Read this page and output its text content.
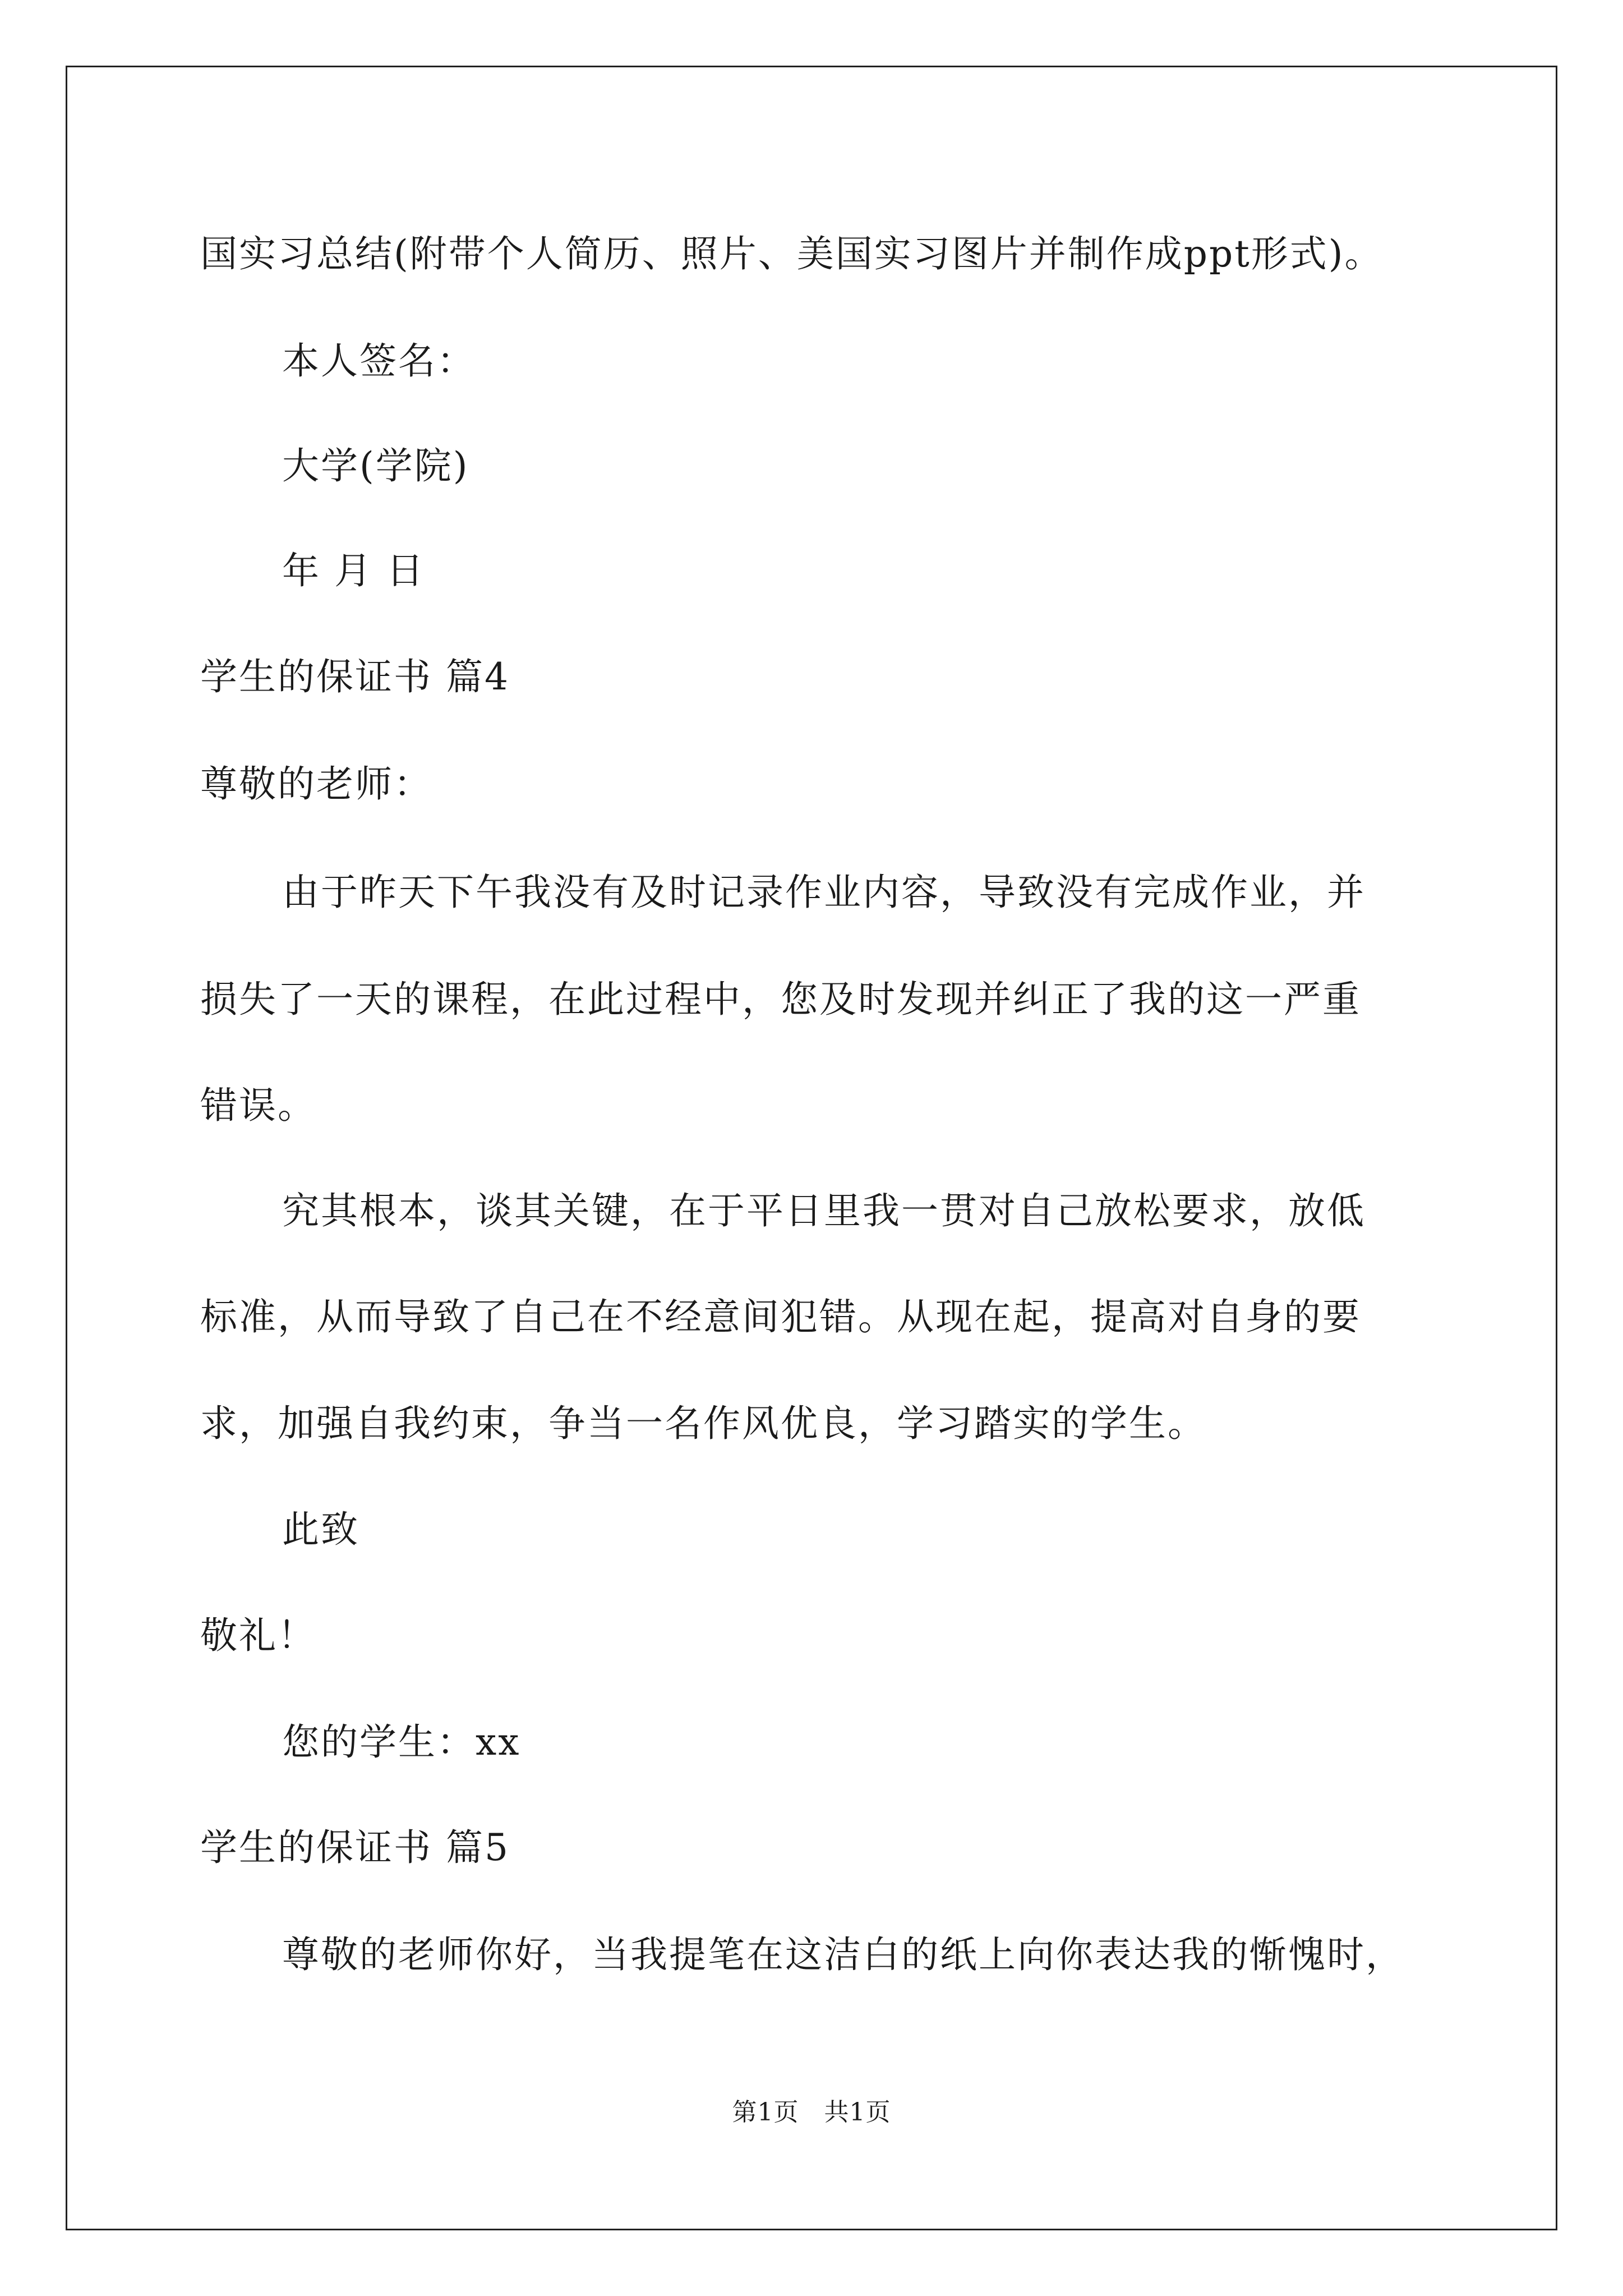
国实习总结(附带个人简历、照片、美国实习图片并制作成ppt形式)。
本人签名：
大学(学院)
年 月 日
学生的保证书 篇4
尊敬的老师：
由于昨天下午我没有及时记录作业内容，导致没有完成作业，并
损失了一天的课程，在此过程中，您及时发现并纠正了我的这一严重
错误。
究其根本，谈其关键，在于平日里我一贯对自己放松要求，放低
标准，从而导致了自己在不经意间犯错。从现在起，提高对自身的要
求，加强自我约束，争当一名作风优良，学习踏实的学生。
此致
敬礼！
您的学生：xx
学生的保证书 篇5
尊敬的老师你好，当我提笔在这洁白的纸上向你表达我的惭愧时，
第1页　共1页
